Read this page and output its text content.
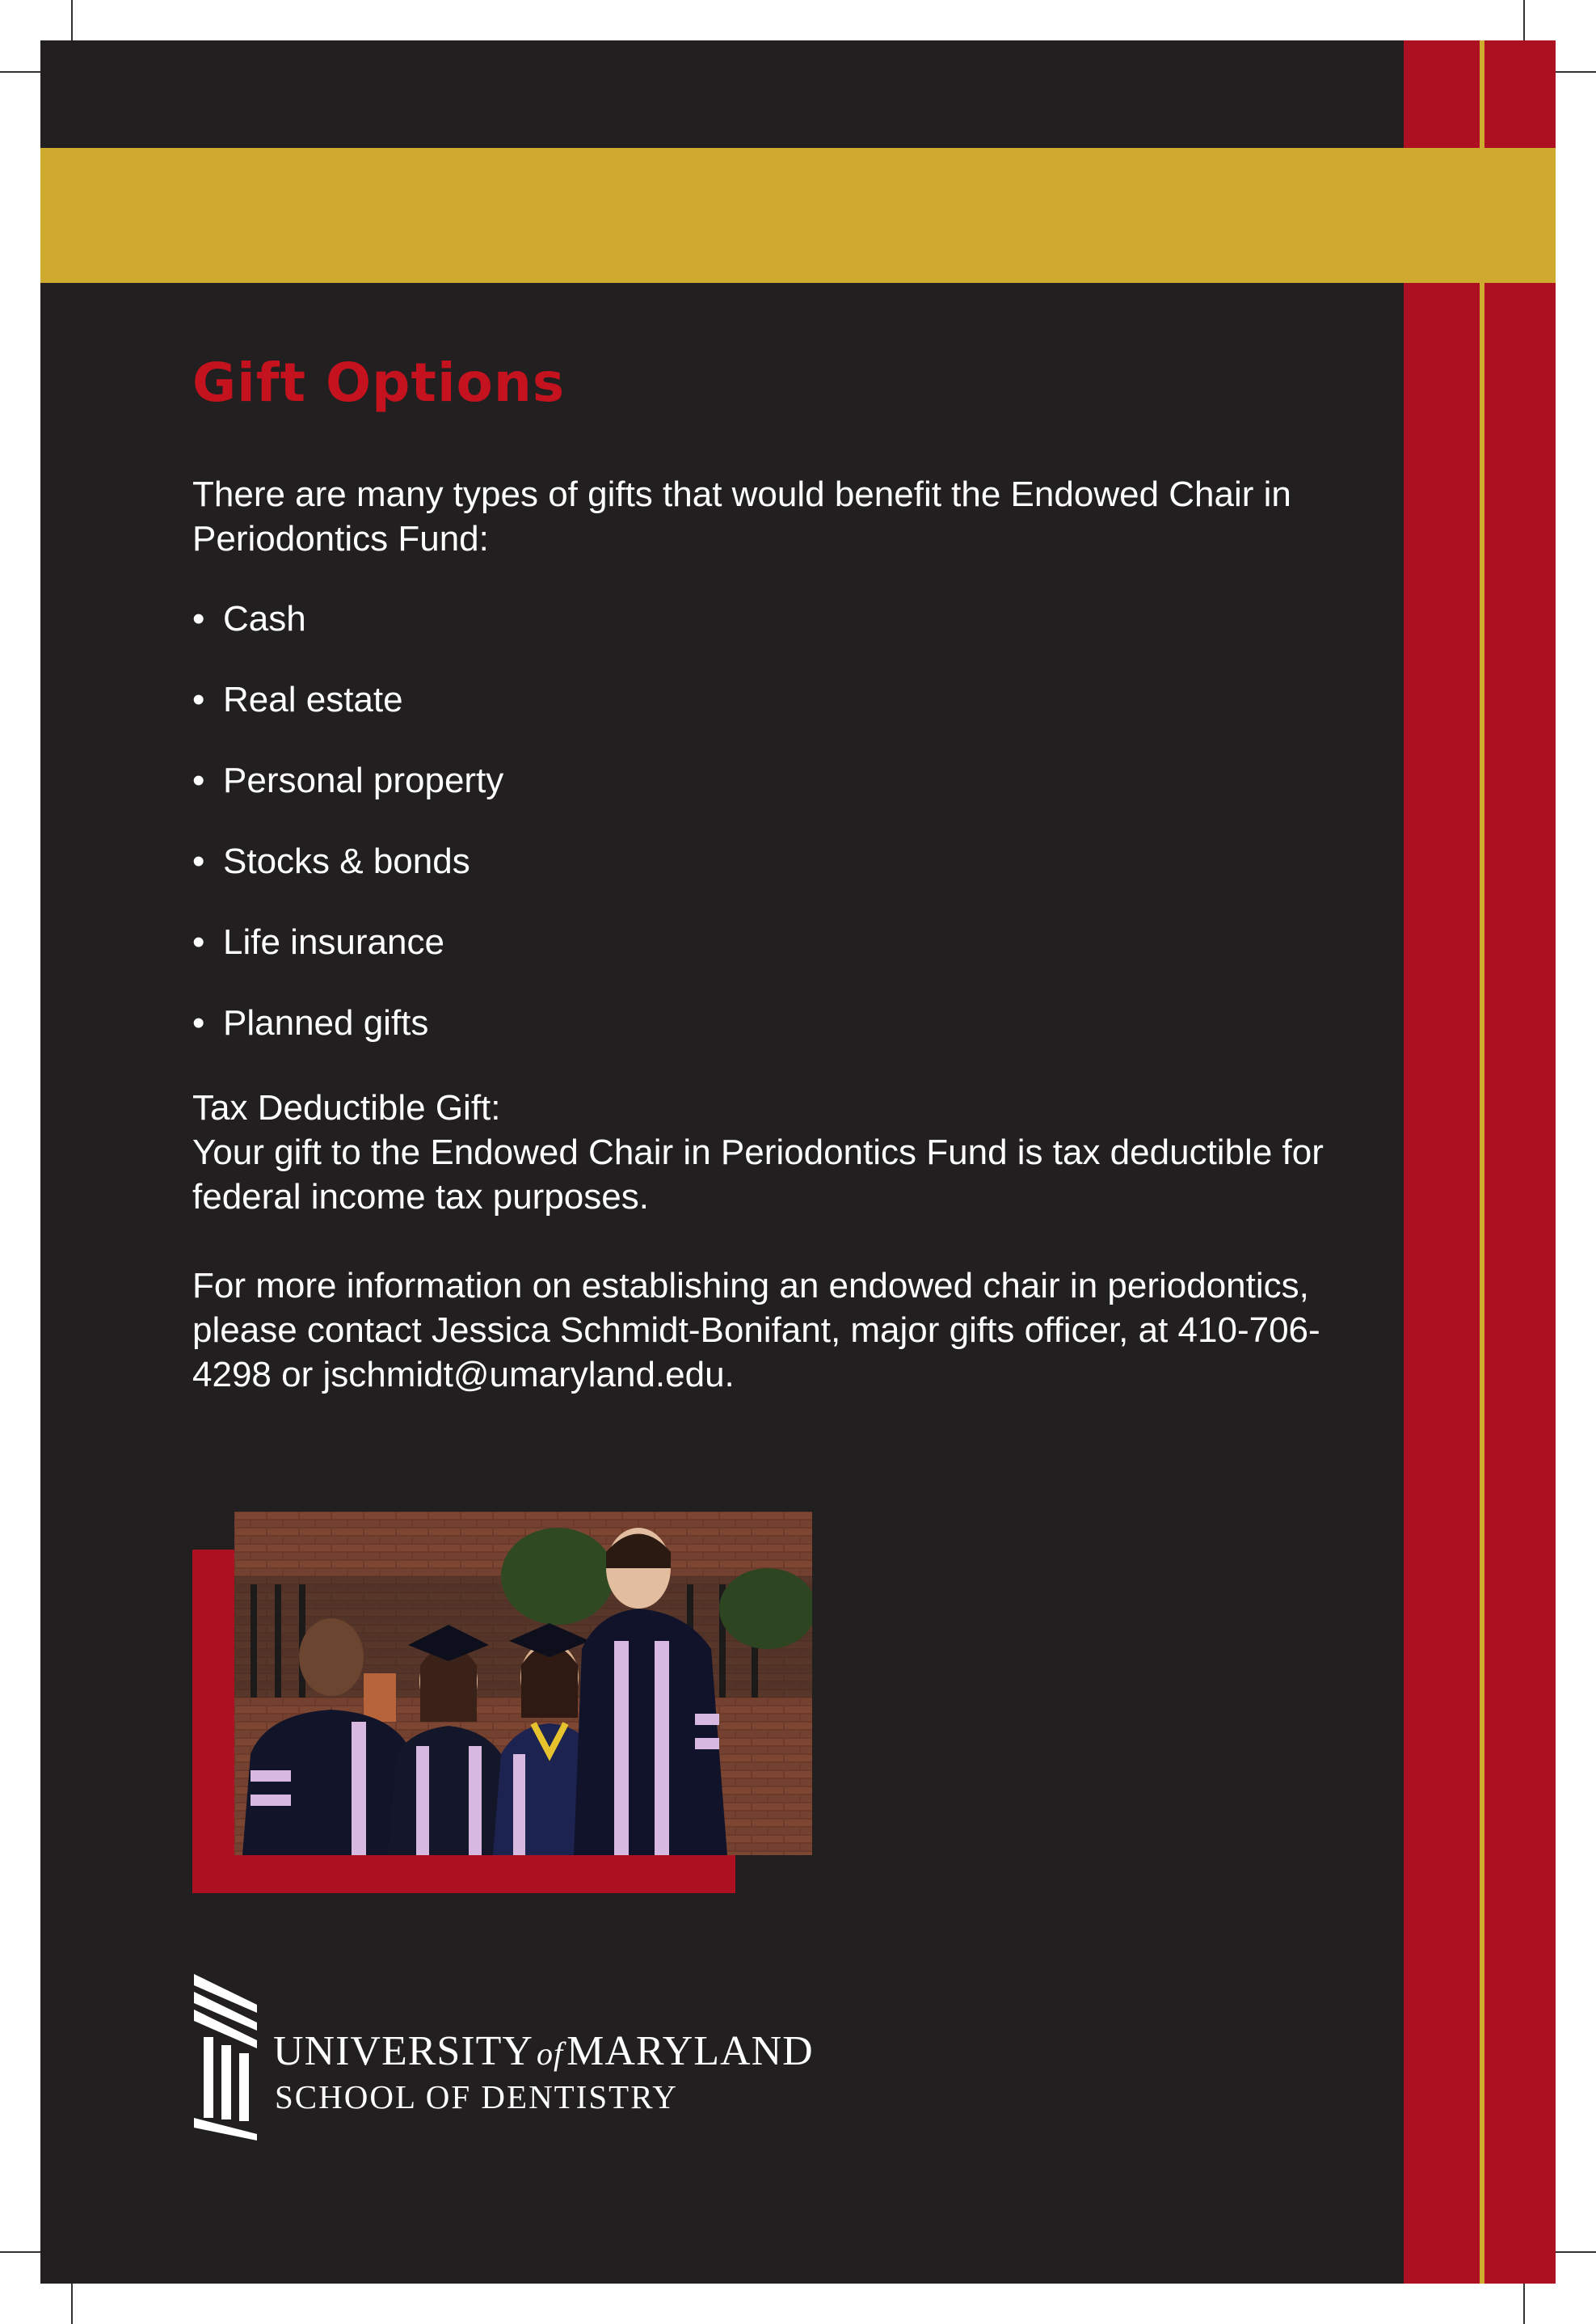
Gift Options

There are many types of gifts that would benefit the Endowed Chair in Periodontics Fund:

• Cash
• Real estate
• Personal property
• Stocks & bonds
• Life insurance
• Planned gifts

Tax Deductible Gift:

Your gift to the Endowed Chair in Periodontics Fund is tax deductible for federal income tax purposes.

For more information on establishing an endowed chair in periodontics, please contact Jessica Schmidt-Bonifant, major gifts officer, at 410-706-4298 or jschmidt@umaryland.edu.

UNIVERSITY ofMARYLAND
SCHOOL OF DENTISTRY
